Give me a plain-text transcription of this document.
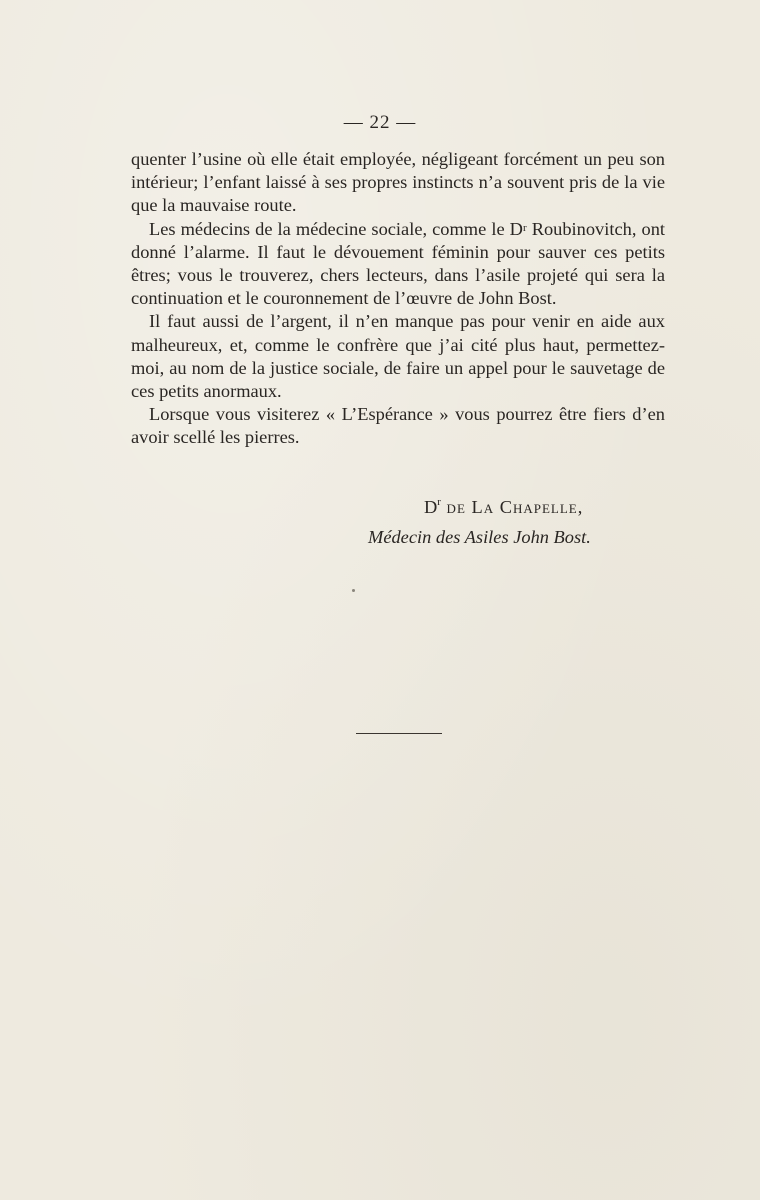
— 22 —

quenter l’usine où elle était employée, négligeant forcément un peu son intérieur; l’enfant laissé à ses propres instincts n’a souvent pris de la vie que la mauvaise route.

Les médecins de la médecine sociale, comme le $D^r$ Roubinovitch, ont donné l’alarme. Il faut le dévouement féminin pour sauver ces petits êtres; vous le trouverez, chers lecteurs, dans l’asile projeté qui sera la continuation et le couronnement de l’œuvre de John Bost.

Il faut aussi de l’argent, il n’en manque pas pour venir en aide aux malheureux, et, comme le confrère que j’ai cité plus haut, permettez-moi, au nom de la justice sociale, de faire un appel pour le sauvetage de ces petits anormaux.

Lorsque vous visiterez « L’Espérance » vous pourrez être fiers d’en avoir scellé les pierres.

$D^r$ de La Chapelle,
Médecin des Asiles John Bost.
